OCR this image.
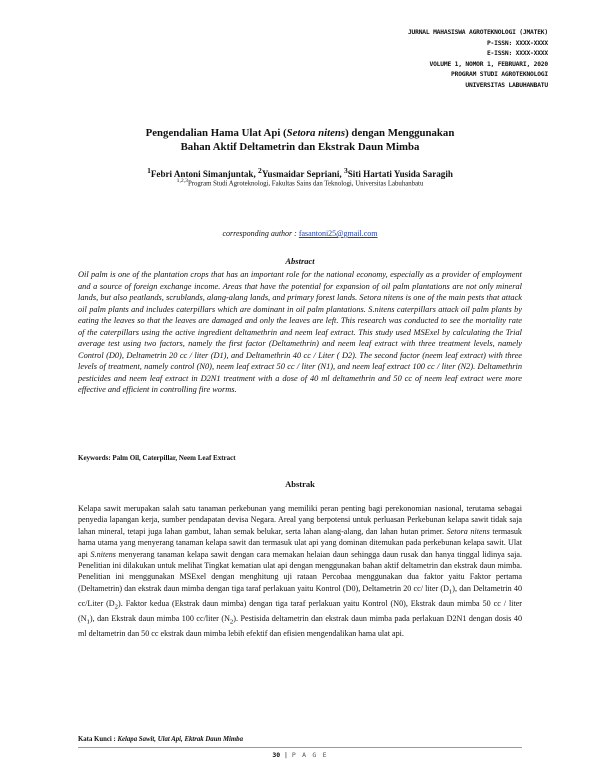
JURNAL MAHASISWA AGROTEKNOLOGI (JMATEK)
P-ISSN: XXXX-XXXX
E-ISSN: XXXX-XXXX
VOLUME 1, NOMOR 1, FEBRUARI, 2020
PROGRAM STUDI AGROTEKNOLOGI
UNIVERSITAS LABUHANBATU
Pengendalian Hama Ulat Api (Setora nitens) dengan Menggunakan
Bahan Aktif Deltametrin dan Ekstrak Daun Mimba
$^1$Febri Antoni Simanjuntak, $^2$Yusmaidar Sepriani, $^3$Siti Hartati Yusida Saragih
$^{1,2,3}$Program Studi Agroteknologi, Fakultas Sains dan Teknologi, Universitas Labuhanbatu
corresponding author : fasantoni25@gmail.com
Abstract

Oil palm is one of the plantation crops that has an important role for the national economy, especially as a provider of employment and a source of foreign exchange income. Areas that have the potential for expansion of oil palm plantations are not only mineral lands, but also peatlands, scrublands, alang-alang lands, and primary forest lands. Setora nitens is one of the main pests that attack oil palm plants and includes caterpillars which are dominant in oil palm plantations. S.nitens caterpillars attack oil palm plants by eating the leaves so that the leaves are damaged and only the leaves are left. This research was conducted to see the mortality rate of the caterpillars using the active ingredient deltamethrin and neem leaf extract. This study used MSExel by calculating the Trial average test using two factors, namely the first factor (Deltamethrin) and neem leaf extract with three treatment levels, namely Control (D0), Deltametrin 20 cc / liter (D1), and Deltamethrin 40 cc / Liter ( D2). The second factor (neem leaf extract) with three levels of treatment, namely control (N0), neem leaf extract 50 cc / liter (N1), and neem leaf extract 100 cc / liter (N2). Deltamethrin pesticides and neem leaf extract in D2N1 treatment with a dose of 40 ml deltamethrin and 50 cc of neem leaf extract were more effective and efficient in controlling fire worms.

Keywords: Palm Oil, Caterpillar, Neem Leaf Extract
Abstrak

Kelapa sawit merupakan salah satu tanaman perkebunan yang memiliki peran penting bagi perekonomian nasional, terutama sebagai penyedia lapangan kerja, sumber pendapatan devisa Negara. Areal yang berpotensi untuk perluasan Perkebunan kelapa sawit tidak saja lahan mineral, tetapi juga lahan gambut, lahan semak belukar, serta lahan alang-alang, dan lahan hutan primer. Setora nitens termasuk hama utama yang menyerang tanaman kelapa sawit dan termasuk ulat api yang dominan ditemukan pada perkebunan kelapa sawit. Ulat api S.nitens menyerang tanaman kelapa sawit dengan cara memakan helaian daun sehingga daun rusak dan hanya tinggal lidinya saja. Penelitian ini dilakukan untuk melihat Tingkat kematian ulat api dengan menggunakan bahan aktif deltametrin dan ekstrak daun mimba. Penelitian ini menggunakan MSExel dengan menghitung uji rataan Percobaa menggunakan dua faktor yaitu Faktor pertama (Deltametrin) dan ekstrak daun mimba dengan tiga taraf perlakuan yaitu Kontrol (D0), Deltametrin 20 cc/ liter $(D_1)$, dan Deltametrin 40 cc/Liter $(D_2)$. Faktor kedua (Ekstrak daun mimba) dengan tiga taraf perlakuan yaitu Kontrol (N0), Ekstrak daun mimba 50 cc / liter $(N_1)$, dan Ekstrak daun mimba 100 cc/liter $(N_2)$. Pestisida deltametrin dan ekstrak daun mimba pada perlakuan D2N1 dengan dosis 40 ml deltametrin dan 50 cc ekstrak daun mimba lebih efektif dan efisien mengendalikan hama ulat api.

Kata Kunci : Kelapa Sawit, Ulat Api, Ektrak Daun Mimba
30 | P A G E
